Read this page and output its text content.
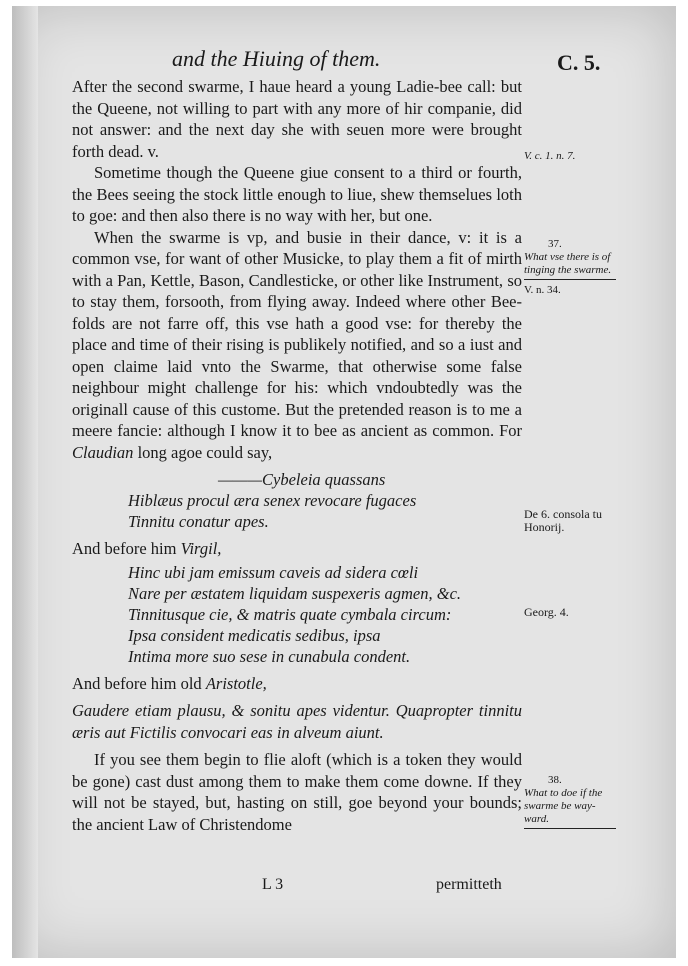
and the Hiuing of them.	C. 5.

After the second swarme, I haue heard a young Ladie-bee call: but the Queene, not willing to part with any more of hir companie, did not answer: and the next day she with seuen more were brought forth dead. v.

Sometime though the Queene giue consent to a third or fourth, the Bees seeing the stock little enough to liue, shew themselues loth to goe: and then also there is no way with her, but one.

When the swarme is vp, and busie in their dance, v: it is a common vse, for want of other Musicke, to play them a fit of mirth with a Pan, Kettle, Bason, Candlesticke, or other like Instrument, so to stay them, forsooth, from flying away. Indeed where other Bee-folds are not farre off, this vse hath a good vse: for thereby the place and time of their rising is publikely notified, and so a iust and open claime laid vnto the Swarme, that otherwise some false neighbour might challenge for his: which vndoubtedly was the originall cause of this custome. But the pretended reason is to me a meere fancie: although I know it to bee as ancient as common. For Claudian long agoe could say,

———Cybeleia quassans
Hiblæus procul æra senex revocare fugaces
Tinnitu conatur apes.

And before him Virgil,

Hinc ubi jam emissum caveis ad sidera cœli
Nare per æstatem liquidam suspexeris agmen, &c.
Tinnitusque cie, & matris quate cymbala circum:
Ipsa consident medicatis sedibus, ipsa
Intima more suo sese in cunabula condent.

And before him old Aristotle,

Gaudere etiam plausu, & sonitu apes videntur. Quapropter tinnitu æris aut Fictilis convocari eas in alveum aiunt.

If you see them begin to flie aloft (which is a token they would be gone) cast dust among them to make them come downe. If they will not be stayed, but, hasting on still, goe beyond your bounds; the ancient Law of Christendome

V. c. 1. n. 7.
37.
What vse there is of tinging the swarme.
V. n. 34.
De 6. consola tu Honorij.
Georg. 4.
38.
What to doe if the swarme be way-ward.
L 3	permitteth
